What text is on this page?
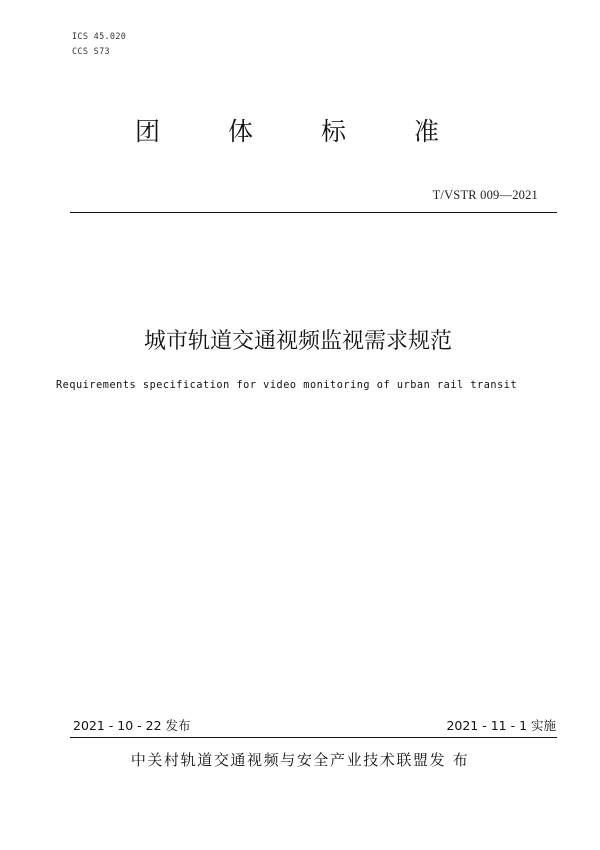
ICS 45.020
CCS S73
团	体	标	准
T/VSTR 009—2021
城市轨道交通视频监视需求规范
Requirements specification for video monitoring of urban rail transit
2021 - 10 - 22 发布	2021 - 11 - 1 实施
中关村轨道交通视频与安全产业技术联盟发 布
